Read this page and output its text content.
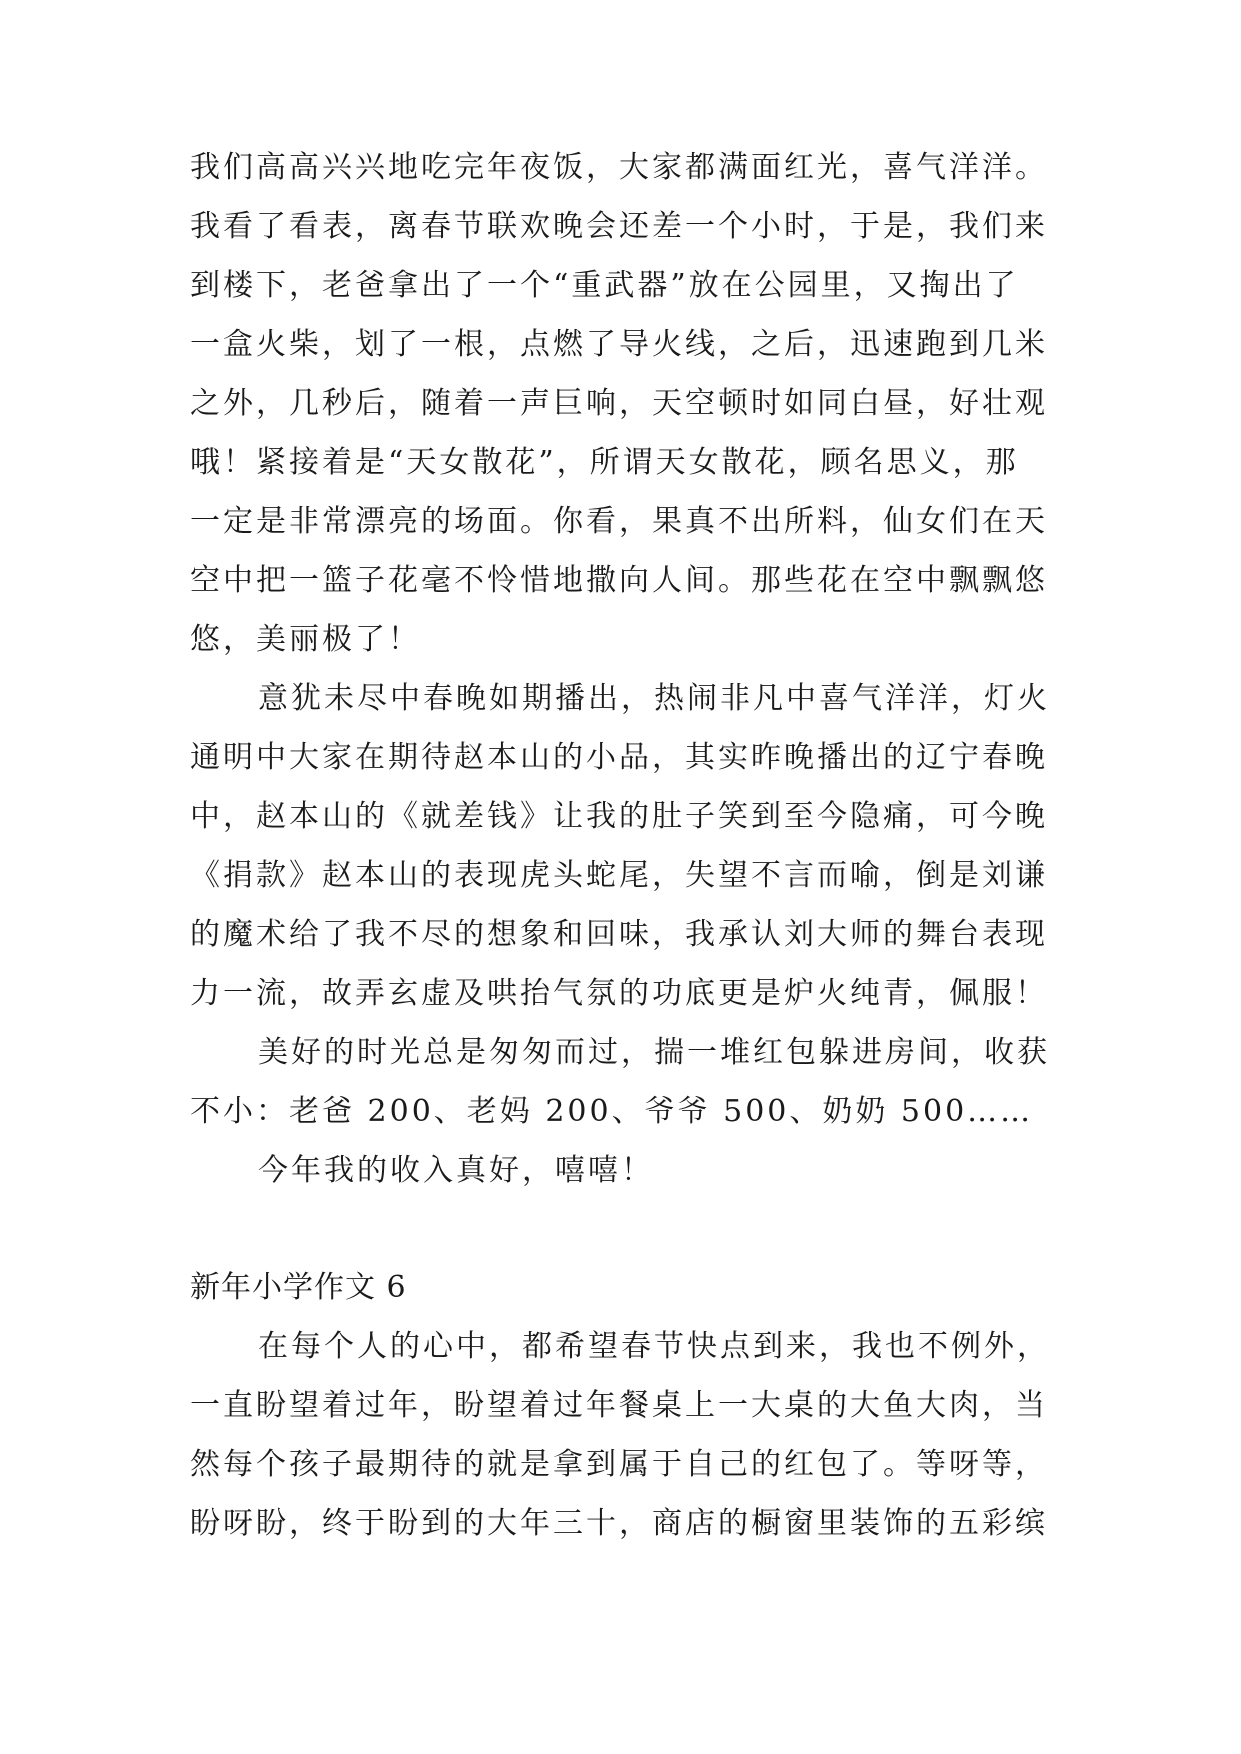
我们高高兴兴地吃完年夜饭，大家都满面红光，喜气洋洋。
我看了看表，离春节联欢晚会还差一个小时，于是，我们来
到楼下，老爸拿出了一个“重武器”放在公园里，又掏出了
一盒火柴，划了一根，点燃了导火线，之后，迅速跑到几米
之外，几秒后，随着一声巨响，天空顿时如同白昼，好壮观
哦！紧接着是“天女散花”，所谓天女散花，顾名思义，那
一定是非常漂亮的场面。你看，果真不出所料，仙女们在天
空中把一篮子花毫不怜惜地撒向人间。那些花在空中飘飘悠
悠，美丽极了！
意犹未尽中春晚如期播出，热闹非凡中喜气洋洋，灯火
通明中大家在期待赵本山的小品，其实昨晚播出的辽宁春晚
中，赵本山的《就差钱》让我的肚子笑到至今隐痛，可今晚
《捐款》赵本山的表现虎头蛇尾，失望不言而喻，倒是刘谦
的魔术给了我不尽的想象和回味，我承认刘大师的舞台表现
力一流，故弄玄虚及哄抬气氛的功底更是炉火纯青，佩服！
美好的时光总是匆匆而过，揣一堆红包躲进房间，收获
不小：老爸 200、老妈 200、爷爷 500、奶奶 500……
今年我的收入真好，嘻嘻！
新年小学作文 6
在每个人的心中，都希望春节快点到来，我也不例外，
一直盼望着过年，盼望着过年餐桌上一大桌的大鱼大肉，当
然每个孩子最期待的就是拿到属于自己的红包了。等呀等，
盼呀盼，终于盼到的大年三十，商店的橱窗里装饰的五彩缤
